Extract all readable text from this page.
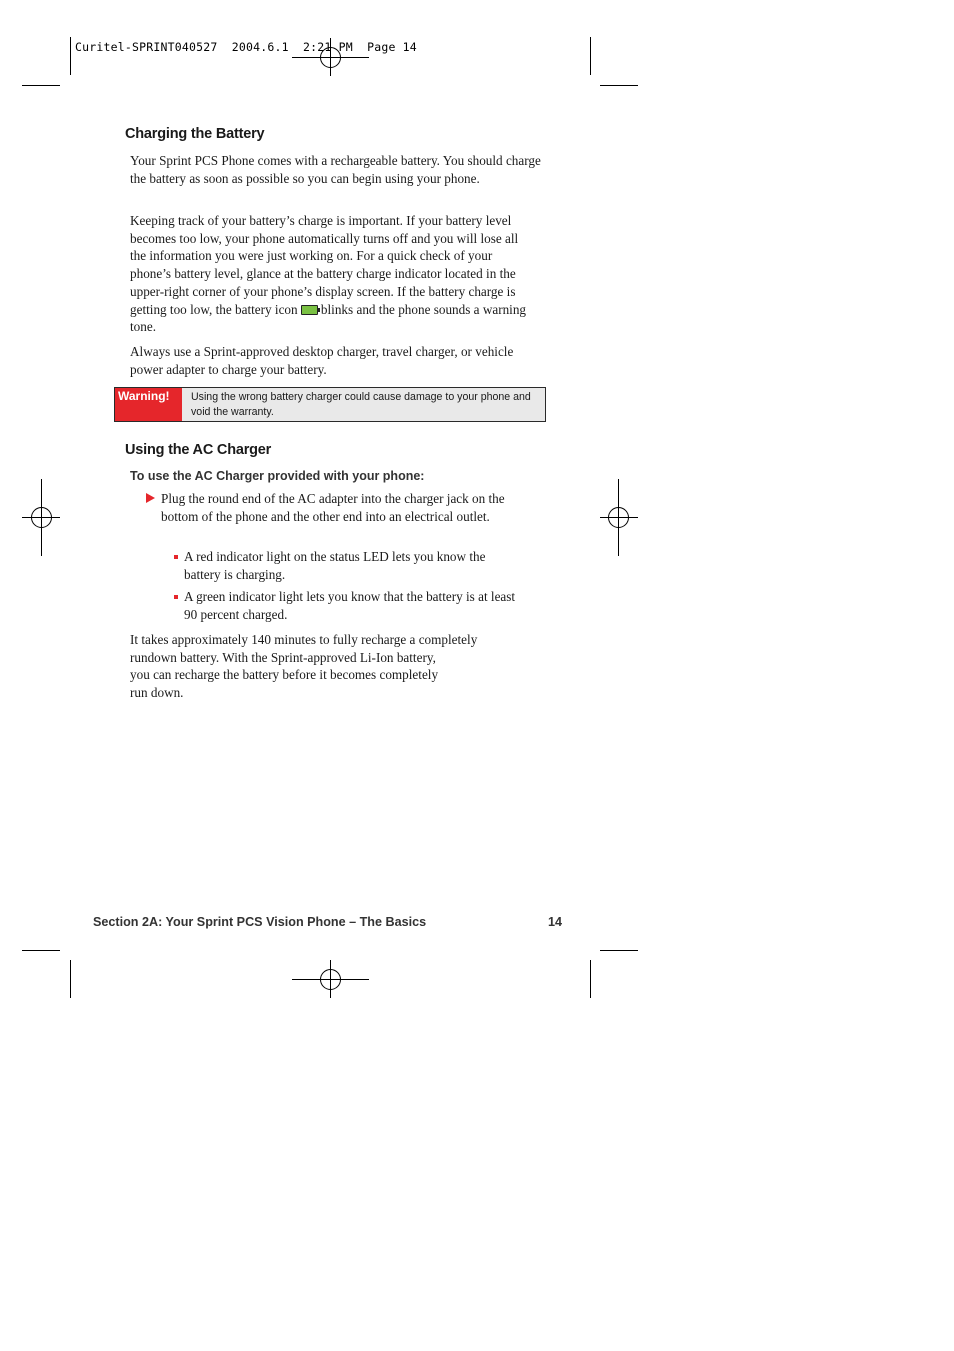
Curitel-SPRINT040527  2004.6.1  2:21 PM  Page 14
Charging the Battery

Your Sprint PCS Phone comes with a rechargeable battery. You should charge the battery as soon as possible so you can begin using your phone.

Keeping track of your battery’s charge is important. If your battery level becomes too low, your phone automatically turns off and you will lose all the information you were just working on. For a quick check of your phone’s battery level, glance at the battery charge indicator located in the upper-right corner of your phone’s display screen. If the battery charge is getting too low, the battery icon blinks and the phone sounds a warning tone.

Always use a Sprint-approved desktop charger, travel charger, or vehicle power adapter to charge your battery.

Warning!	Using the wrong battery charger could cause damage to your phone and void the warranty.
Using the AC Charger
To use the AC Charger provided with your phone:
Plug the round end of the AC adapter into the charger jack on the bottom of the phone and the other end into an electrical outlet.
A red indicator light on the status LED lets you know the battery is charging.
A green indicator light lets you know that the battery is at least 90 percent charged.
It takes approximately 140 minutes to fully recharge a completely
rundown battery. With the Sprint-approved Li-Ion battery,
you can recharge the battery before it becomes completely
run down.
Section 2A: Your Sprint PCS Vision Phone – The Basics	14
